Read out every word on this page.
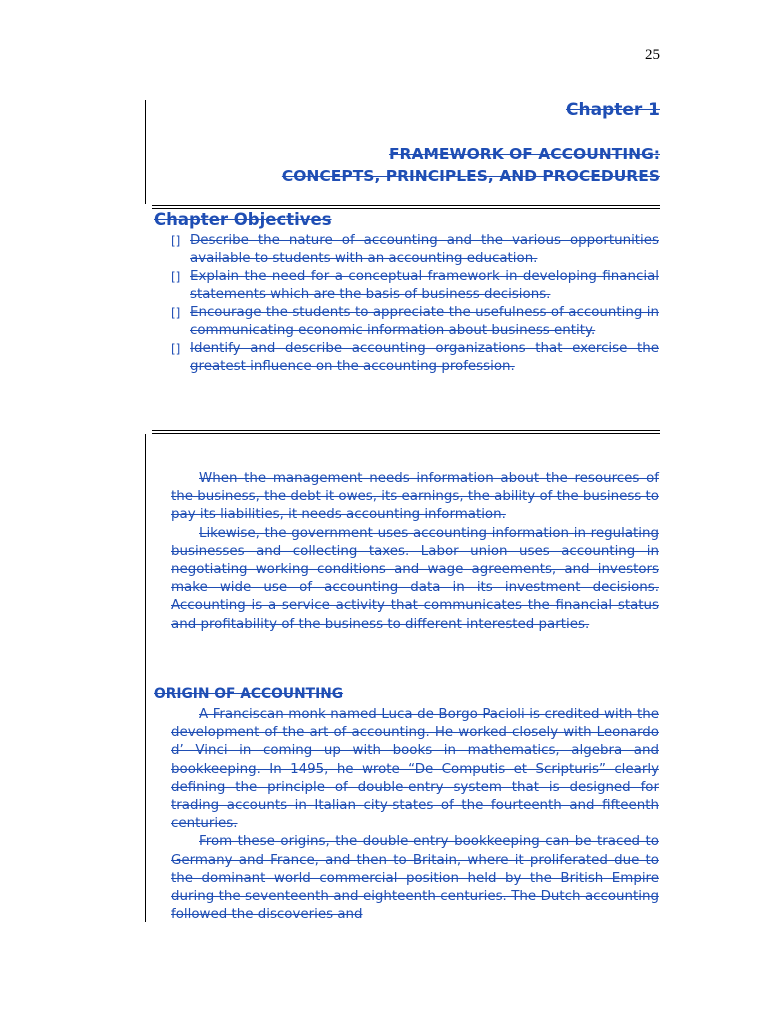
25
Chapter 1
FRAMEWORK OF ACCOUNTING:
CONCEPTS, PRINCIPLES, AND PROCEDURES
Chapter Objectives
[] Describe the nature of accounting and the various opportunities available to students with an accounting education.
[] Explain the need for a conceptual framework in developing financial statements which are the basis of business decisions.
[] Encourage the students to appreciate the usefulness of accounting in communicating economic information about business entity.
[] Identify and describe accounting organizations that exercise the greatest influence on the accounting profession.

When the management needs information about the resources of the business, the debt it owes, its earnings, the ability of the business to pay its liabilities, it needs accounting information.

Likewise, the government uses accounting information in regulating businesses and collecting taxes. Labor union uses accounting in negotiating working conditions and wage agreements, and investors make wide use of accounting data in its investment decisions. Accounting is a service activity that communicates the financial status and profitability of the business to different interested parties.

ORIGIN OF ACCOUNTING

A Franciscan monk named Luca de Borgo Pacioli is credited with the development of the art of accounting. He worked closely with Leonardo d’ Vinci in coming up with books in mathematics, algebra and bookkeeping. In 1495, he wrote “De Computis et Scripturis” clearly defining the principle of double-entry system that is designed for trading accounts in Italian city-states of the fourteenth and fifteenth centuries.

From these origins, the double-entry bookkeeping can be traced to Germany and France, and then to Britain, where it proliferated due to the dominant world commercial position held by the British Empire during the seventeenth and eighteenth centuries. The Dutch accounting followed the discoveries and
